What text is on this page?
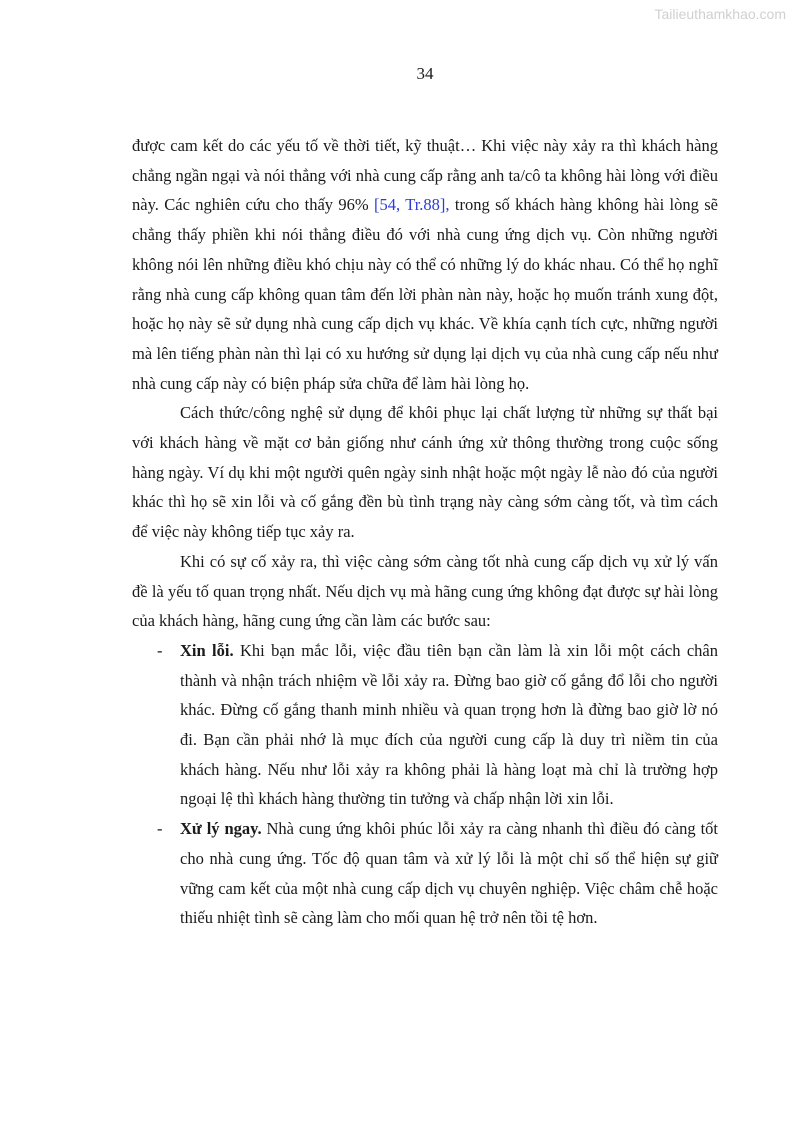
Tailieuthamkhao.com
34

được cam kết do các yếu tố về thời tiết, kỹ thuật… Khi việc này xảy ra thì khách hàng chẳng ngần ngại và nói thẳng với nhà cung cấp rằng anh ta/cô ta không hài lòng với điều này. Các nghiên cứu cho thấy 96% [54, Tr.88], trong số khách hàng không hài lòng sẽ chẳng thấy phiền khi nói thẳng điều đó với nhà cung ứng dịch vụ. Còn những người không nói lên những điều khó chịu này có thể có những lý do khác nhau. Có thể họ nghĩ rằng nhà cung cấp không quan tâm đến lời phàn nàn này, hoặc họ muốn tránh xung đột, hoặc họ này sẽ sử dụng nhà cung cấp dịch vụ khác. Về khía cạnh tích cực, những người mà lên tiếng phàn nàn thì lại có xu hướng sử dụng lại dịch vụ của nhà cung cấp nếu như nhà cung cấp này có biện pháp sửa chữa để làm hài lòng họ.

Cách thức/công nghệ sử dụng để khôi phục lại chất lượng từ những sự thất bại với khách hàng về mặt cơ bản giống như cánh ứng xử thông thường trong cuộc sống hàng ngày. Ví dụ khi một người quên ngày sinh nhật hoặc một ngày lễ nào đó của người khác thì họ sẽ xin lỗi và cố gắng đền bù tình trạng này càng sớm càng tốt, và tìm cách để việc này không tiếp tục xảy ra.

Khi có sự cố xảy ra, thì việc càng sớm càng tốt nhà cung cấp dịch vụ xử lý vấn đề là yếu tố quan trọng nhất. Nếu dịch vụ mà hãng cung ứng không đạt được sự hài lòng của khách hàng, hãng cung ứng cần làm các bước sau:

- Xin lỗi. Khi bạn mắc lỗi, việc đầu tiên bạn cần làm là xin lỗi một cách chân thành và nhận trách nhiệm về lỗi xảy ra. Đừng bao giờ cố gắng đổ lỗi cho người khác. Đừng cố gắng thanh minh nhiều và quan trọng hơn là đừng bao giờ lờ nó đi. Bạn cần phải nhớ là mục đích của người cung cấp là duy trì niềm tin của khách hàng. Nếu như lỗi xảy ra không phải là hàng loạt mà chỉ là trường hợp ngoại lệ thì khách hàng thường tin tưởng và chấp nhận lời xin lỗi.
- Xử lý ngay. Nhà cung ứng khôi phúc lỗi xảy ra càng nhanh thì điều đó càng tốt cho nhà cung ứng. Tốc độ quan tâm và xử lý lỗi là một chỉ số thể hiện sự giữ vững cam kết của một nhà cung cấp dịch vụ chuyên nghiệp. Việc châm chễ hoặc thiếu nhiệt tình sẽ càng làm cho mối quan hệ trở nên tồi tệ hơn.
